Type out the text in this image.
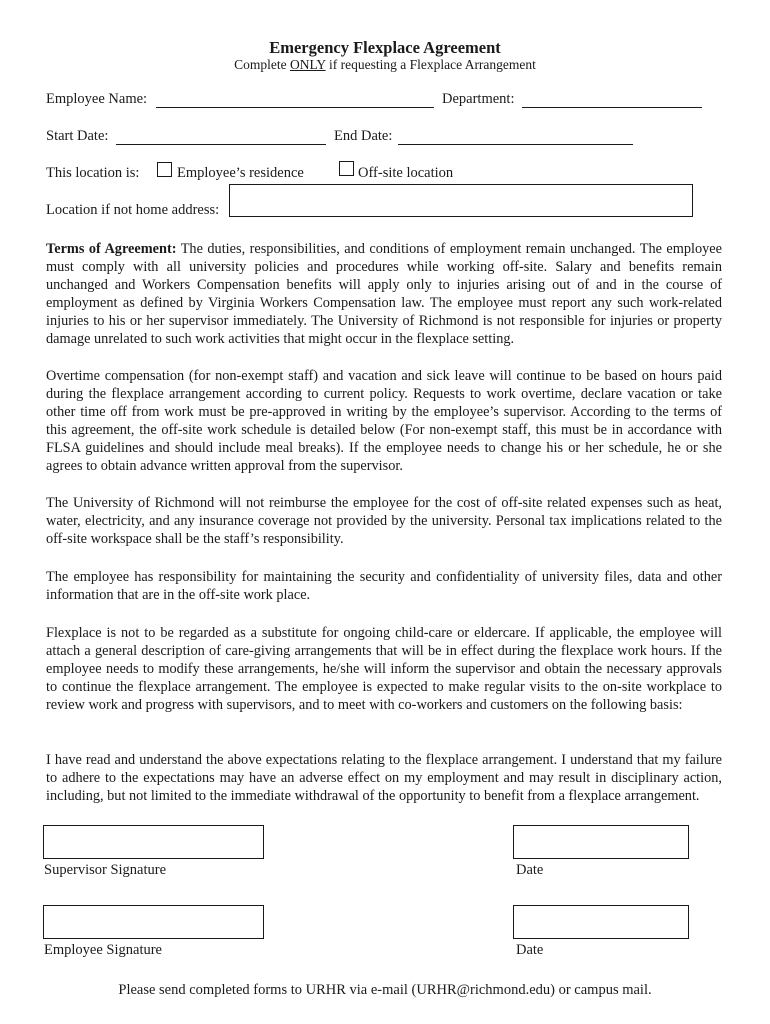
Emergency Flexplace Agreement
Complete ONLY if requesting a Flexplace Arrangement
Employee Name:	Department:
Start Date:	End Date:
This location is:	Employee’s residence	Off-site location
Location if not home address:
Terms of Agreement: The duties, responsibilities, and conditions of employment remain unchanged. The employee must comply with all university policies and procedures while working off-site. Salary and benefits remain unchanged and Workers Compensation benefits will apply only to injuries arising out of and in the course of employment as defined by Virginia Workers Compensation law. The employee must report any such work-related injuries to his or her supervisor immediately. The University of Richmond is not responsible for injuries or property damage unrelated to such work activities that might occur in the flexplace setting.
Overtime compensation (for non-exempt staff) and vacation and sick leave will continue to be based on hours paid during the flexplace arrangement according to current policy. Requests to work overtime, declare vacation or take other time off from work must be pre-approved in writing by the employee’s supervisor. According to the terms of this agreement, the off-site work schedule is detailed below (For non-exempt staff, this must be in accordance with FLSA guidelines and should include meal breaks). If the employee needs to change his or her schedule, he or she agrees to obtain advance written approval from the supervisor.
The University of Richmond will not reimburse the employee for the cost of off-site related expenses such as heat, water, electricity, and any insurance coverage not provided by the university. Personal tax implications related to the off-site workspace shall be the staff’s responsibility.
The employee has responsibility for maintaining the security and confidentiality of university files, data and other information that are in the off-site work place.
Flexplace is not to be regarded as a substitute for ongoing child-care or eldercare. If applicable, the employee will attach a general description of care-giving arrangements that will be in effect during the flexplace work hours. If the employee needs to modify these arrangements, he/she will inform the supervisor and obtain the necessary approvals to continue the flexplace arrangement. The employee is expected to make regular visits to the on-site workplace to review work and progress with supervisors, and to meet with co-workers and customers on the following basis:
I have read and understand the above expectations relating to the flexplace arrangement. I understand that my failure to adhere to the expectations may have an adverse effect on my employment and may result in disciplinary action, including, but not limited to the immediate withdrawal of the opportunity to benefit from a flexplace arrangement.
Supervisor Signature	Date
Employee Signature	Date
Please send completed forms to URHR via e-mail (URHR@richmond.edu) or campus mail.
